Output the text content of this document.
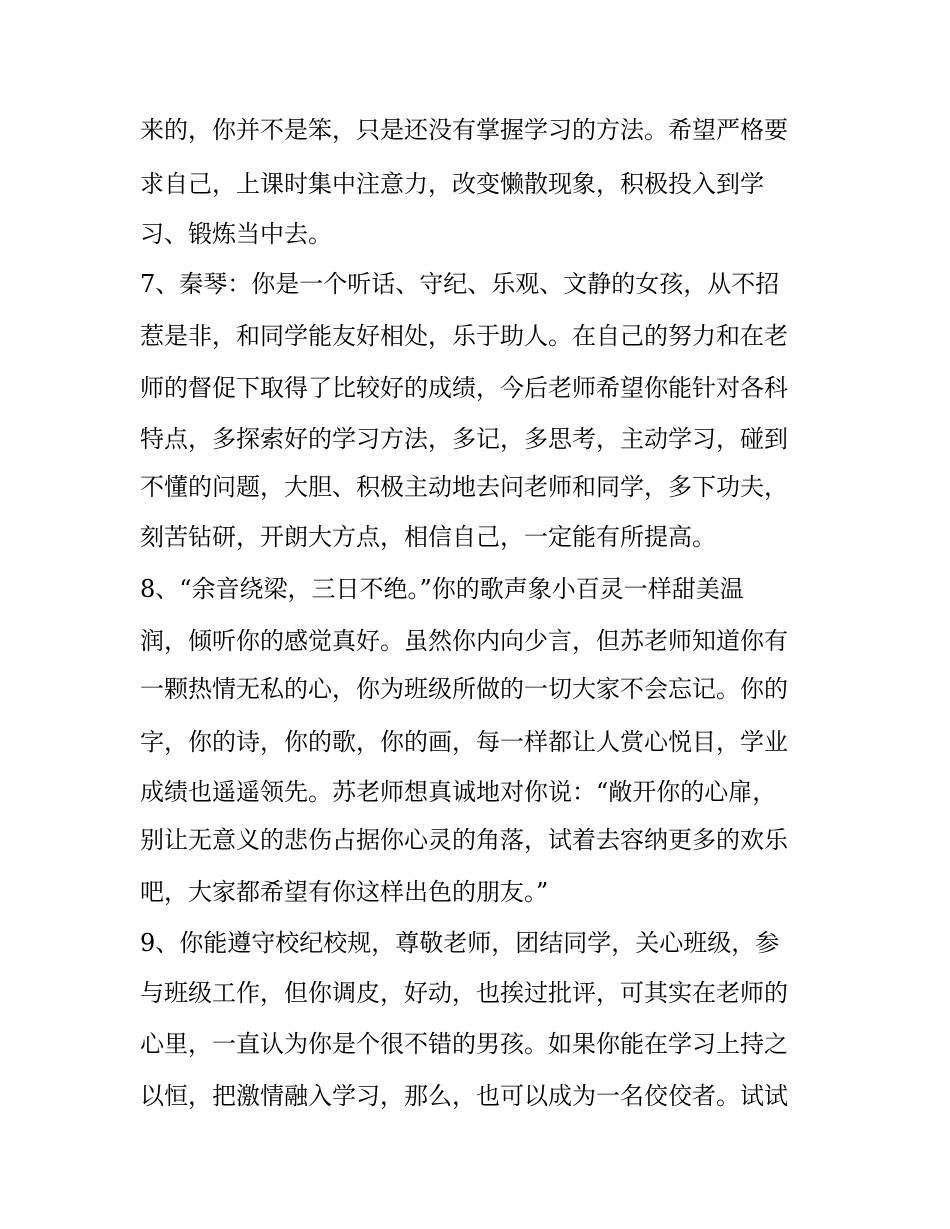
来的，你并不是笨，只是还没有掌握学习的方法。希望严格要
求自己，上课时集中注意力，改变懒散现象，积极投入到学
习、锻炼当中去。
7、秦琴：你是一个听话、守纪、乐观、文静的女孩，从不招
惹是非，和同学能友好相处，乐于助人。在自己的努力和在老
师的督促下取得了比较好的成绩，今后老师希望你能针对各科
特点，多探索好的学习方法，多记，多思考，主动学习，碰到
不懂的问题，大胆、积极主动地去问老师和同学，多下功夫，
刻苦钻研，开朗大方点，相信自己，一定能有所提高。
8、“余音绕梁，三日不绝。”你的歌声象小百灵一样甜美温
润，倾听你的感觉真好。虽然你内向少言，但苏老师知道你有
一颗热情无私的心，你为班级所做的一切大家不会忘记。你的
字，你的诗，你的歌，你的画，每一样都让人赏心悦目，学业
成绩也遥遥领先。苏老师想真诚地对你说：“敞开你的心扉，
别让无意义的悲伤占据你心灵的角落，试着去容纳更多的欢乐
吧，大家都希望有你这样出色的朋友。”
9、你能遵守校纪校规，尊敬老师，团结同学，关心班级，参
与班级工作，但你调皮，好动，也挨过批评，可其实在老师的
心里，一直认为你是个很不错的男孩。如果你能在学习上持之
以恒，把激情融入学习，那么，也可以成为一名佼佼者。试试
